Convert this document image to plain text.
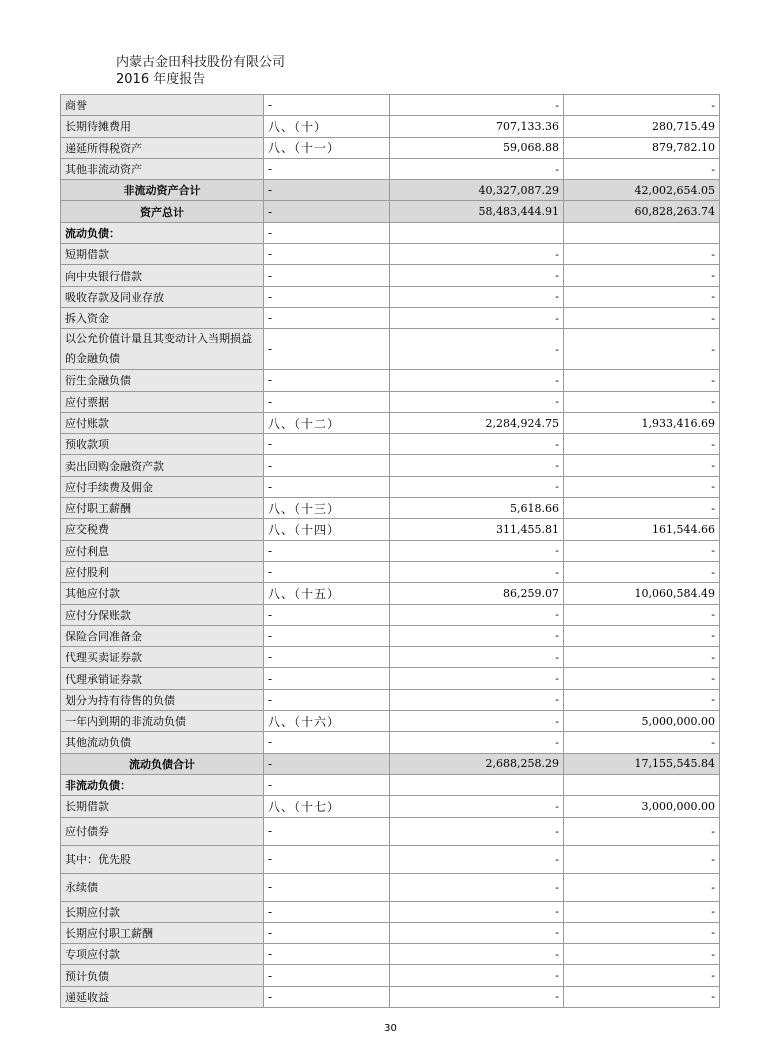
内蒙古金田科技股份有限公司
2016 年度报告
商誉	-	-	-
长期待摊费用	八、（十）	707,133.36	280,715.49
递延所得税资产	八、（十一）	59,068.88	879,782.10
其他非流动资产	-	-	-
非流动资产合计	-	40,327,087.29	42,002,654.05
资产总计	-	58,483,444.91	60,828,263.74
流动负债：	-		
短期借款	-	-	-
向中央银行借款	-	-	-
吸收存款及同业存放	-	-	-
拆入资金	-	-	-
以公允价值计量且其变动计入当期损益的金融负债	-	-	-
衍生金融负债	-	-	-
应付票据	-	-	-
应付账款	八、（十二）	2,284,924.75	1,933,416.69
预收款项	-	-	-
卖出回购金融资产款	-	-	-
应付手续费及佣金	-	-	-
应付职工薪酬	八、（十三）	5,618.66	-
应交税费	八、（十四）	311,455.81	161,544.66
应付利息	-	-	-
应付股利	-	-	-
其他应付款	八、（十五）	86,259.07	10,060,584.49
应付分保账款	-	-	-
保险合同准备金	-	-	-
代理买卖证券款	-	-	-
代理承销证券款	-	-	-
划分为持有待售的负债	-	-	-
一年内到期的非流动负债	八、（十六）	-	5,000,000.00
其他流动负债	-	-	-
流动负债合计	-	2,688,258.29	17,155,545.84
非流动负债：	-		
长期借款	八、（十七）	-	3,000,000.00
应付债券	-	-	-
其中：优先股	-	-	-
永续债	-	-	-
长期应付款	-	-	-
长期应付职工薪酬	-	-	-
专项应付款	-	-	-
预计负债	-	-	-
递延收益	-	-	-
30
